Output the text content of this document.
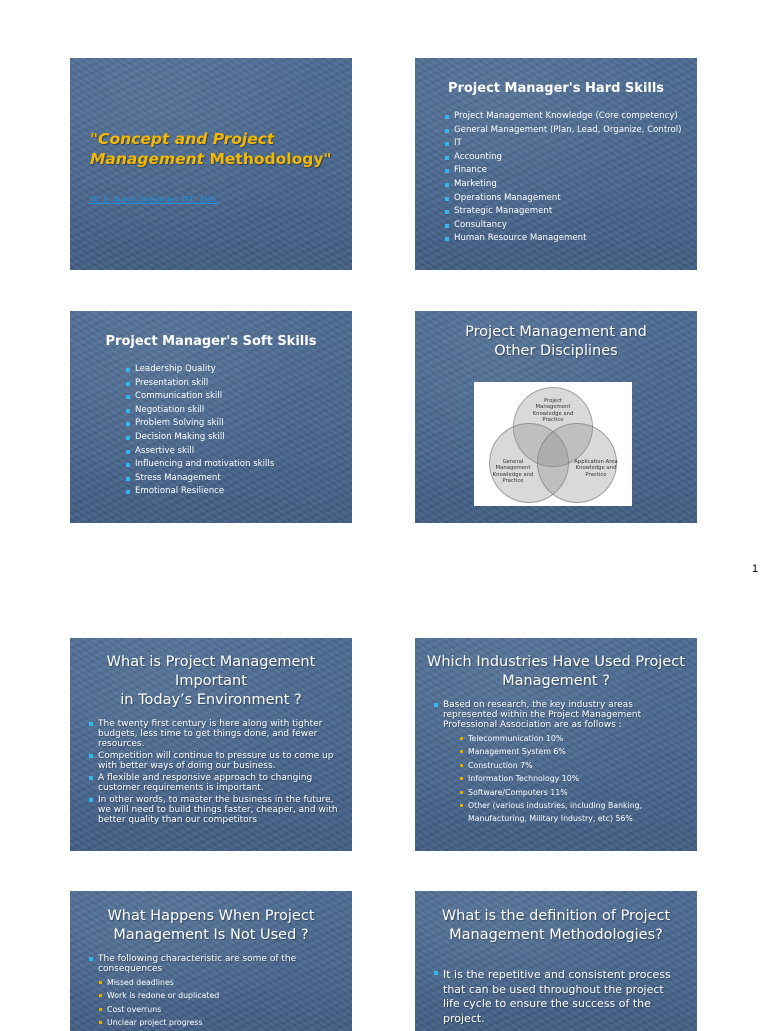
"Concept and Project Management Methodology"
Dr. Ir. Anton Soekiman, MT., MSc.
Project Manager's Hard Skills
Project Management Knowledge (Core competency)
General Management (Plan, Lead, Organize, Control)
IT
Accounting
Finance
Marketing
Operations Management
Strategic Management
Consultancy
Human Resource Management
Project Manager's Soft Skills
Leadership Quality
Presentation skill
Communication skill
Negotiation skill
Problem Solving skill
Decision Making skill
Assertive skill
Influencing and motivation skills
Stress Management
Emotional Resilience
Project Management and
Other Disciplines
Project Management Knowledge and Practice
General Management Knowledge and Practice
Application Area Knowledge and Practice
1
What is Project Management Important
in Today’s Environment ?
The twenty first century is here along with tighter budgets, less time to get things done, and fewer resources.
Competition will continue to pressure us to come up with better ways of doing our business.
A flexible and responsive approach to changing customer requirements is important.
In other words, to master the business in the future, we will need to build things faster, cheaper, and with better quality than our competitors
Which Industries Have Used Project
Management ?
Based on research, the key industry areas represented within the Project Management Professional Association are as follows :
Telecommunication 10%
Management System 6%
Construction 7%
Information Technology 10%
Software/Computers 11%
Other (various industries, including Banking, Manufacturing, Military Industry, etc) 56%
What Happens When Project
Management Is Not Used ?
The following characteristic are some of the consequences
Missed deadlines
Work is redone or duplicated
Cost overruns
Unclear project progress
What is the definition of Project
Management Methodologies?
It is the repetitive and consistent process that can be used throughout the project life cycle to ensure the success of the project.
